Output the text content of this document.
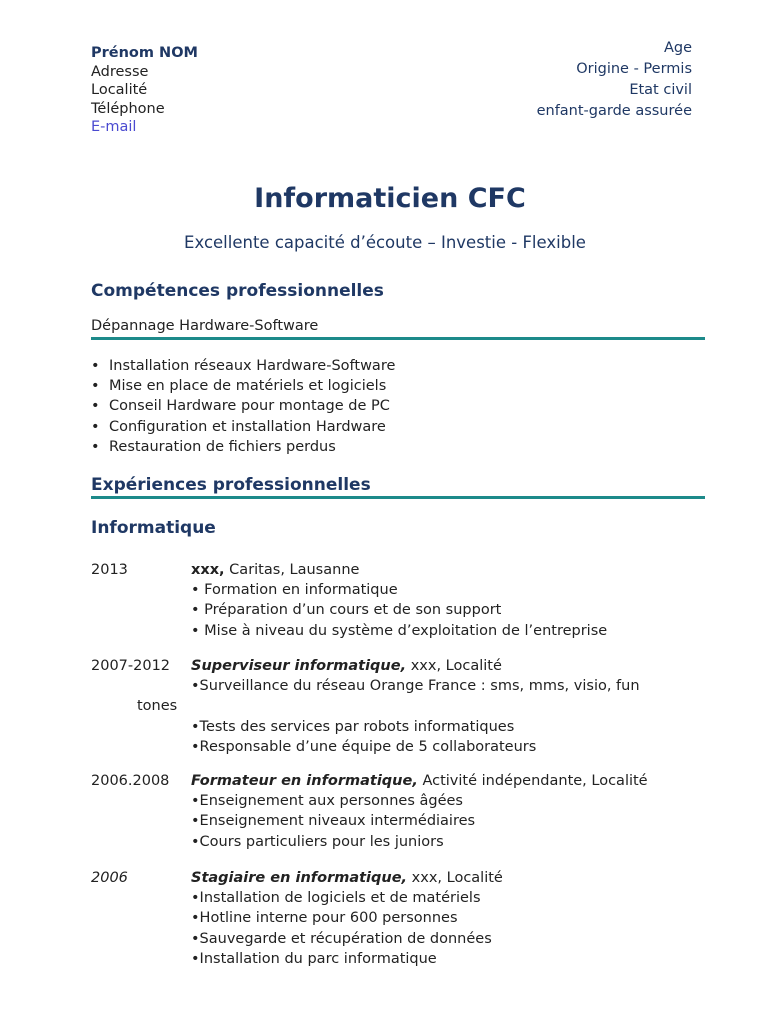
Prénom NOM
Adresse
Localité
Téléphone
E-mail
Age
Origine - Permis
Etat civil
enfant-garde assurée
Informaticien CFC
Excellente capacité d’écoute – Investie - Flexible
Compétences professionnelles
Dépannage Hardware-Software
• Installation réseaux Hardware-Software
• Mise en place de matériels et logiciels
• Conseil Hardware pour montage de PC
• Configuration et installation Hardware
• Restauration de fichiers perdus
Expériences professionnelles
Informatique
2013	xxx, Caritas, Lausanne
• Formation en informatique
• Préparation d’un cours et de son support
• Mise à niveau du système d’exploitation de l’entreprise
2007-2012 Superviseur informatique, xxx, Localité
•Surveillance du réseau Orange France : sms, mms, visio, fun
tones
•Tests des services par robots informatiques
•Responsable d’une équipe de 5 collaborateurs
2006.2008 Formateur en informatique, Activité indépendante, Localité
•Enseignement aux personnes âgées
•Enseignement niveaux intermédiaires
•Cours particuliers pour les juniors
2006	Stagiaire en informatique, xxx, Localité
•Installation de logiciels et de matériels
•Hotline interne pour 600 personnes
•Sauvegarde et récupération de données
•Installation du parc informatique
